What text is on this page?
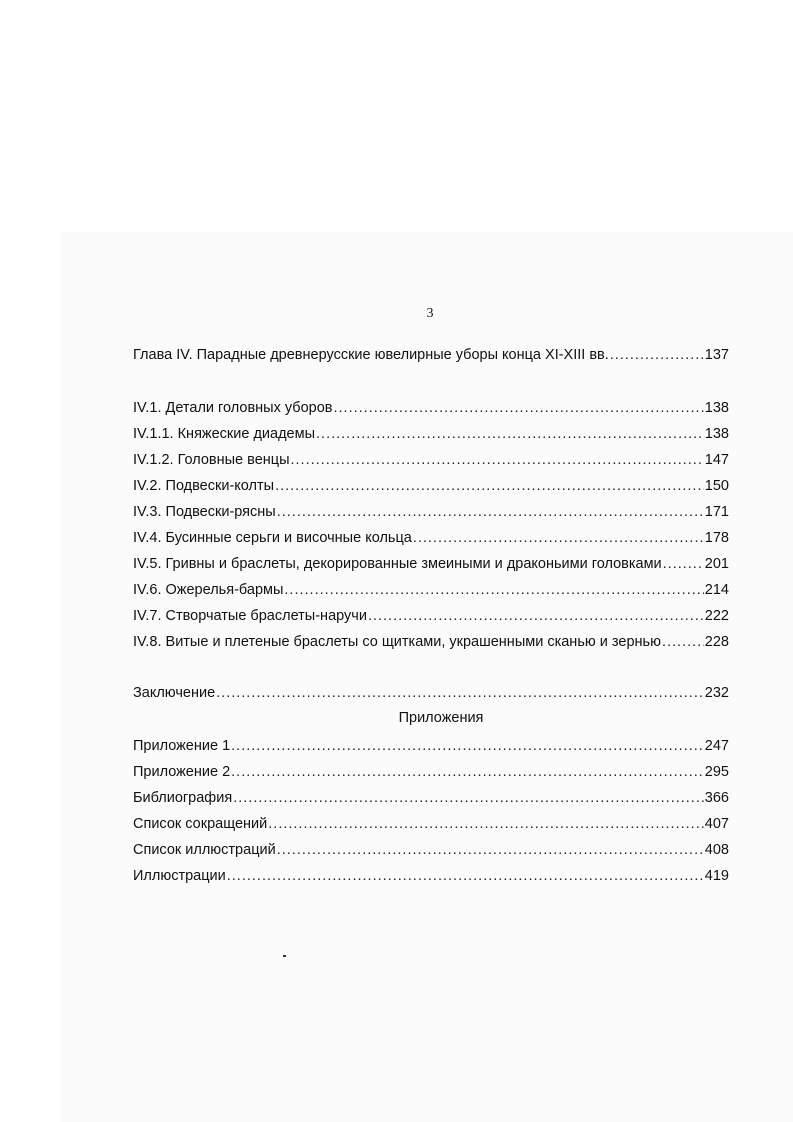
3
Глава IV. Парадные древнерусские ювелирные уборы конца XI-XIII вв. .....	137
IV.1. Детали головных уборов .....	138
IV.1.1. Княжеские диадемы .....	138
IV.1.2. Головные венцы .....	147
IV.2. Подвески-колты .....	150
IV.3. Подвески-рясны .....	171
IV.4. Бусинные серьги и височные кольца .....	178
IV.5. Гривны и браслеты, декорированные змеиными и драконьими головками .....	201
IV.6. Ожерелья-бармы .....	214
IV.7. Створчатые браслеты-наручи .....	222
IV.8. Витые и плетеные браслеты со щитками, украшенными сканью и зернью .....	228
Заключение .....	232
Приложение 1 .....	247
Приложение 2 .....	295
Библиография .....	366
Список сокращений .....	407
Список иллюстраций .....	408
Иллюстрации .....	419
Приложения
